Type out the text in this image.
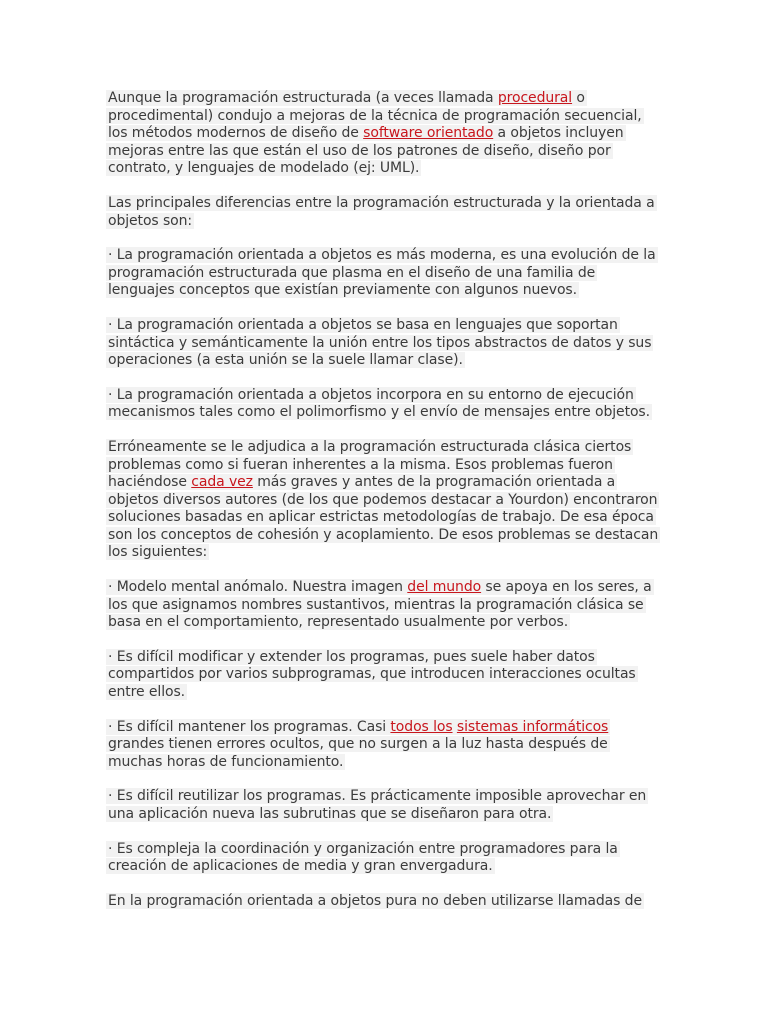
Aunque la programación estructurada (a veces llamada procedural o procedimental) condujo a mejoras de la técnica de programación secuencial, los métodos modernos de diseño de software orientado a objetos incluyen mejoras entre las que están el uso de los patrones de diseño, diseño por contrato, y lenguajes de modelado (ej: UML).

Las principales diferencias entre la programación estructurada y la orientada a objetos son:

· La programación orientada a objetos es más moderna, es una evolución de la programación estructurada que plasma en el diseño de una familia de lenguajes conceptos que existían previamente con algunos nuevos.

· La programación orientada a objetos se basa en lenguajes que soportan sintáctica y semánticamente la unión entre los tipos abstractos de datos y sus operaciones (a esta unión se la suele llamar clase).

· La programación orientada a objetos incorpora en su entorno de ejecución mecanismos tales como el polimorfismo y el envío de mensajes entre objetos.

Erróneamente se le adjudica a la programación estructurada clásica ciertos problemas como si fueran inherentes a la misma. Esos problemas fueron haciéndose cada vez más graves y antes de la programación orientada a objetos diversos autores (de los que podemos destacar a Yourdon) encontraron soluciones basadas en aplicar estrictas metodologías de trabajo. De esa época son los conceptos de cohesión y acoplamiento. De esos problemas se destacan los siguientes:

· Modelo mental anómalo. Nuestra imagen del mundo se apoya en los seres, a los que asignamos nombres sustantivos, mientras la programación clásica se basa en el comportamiento, representado usualmente por verbos.

· Es difícil modificar y extender los programas, pues suele haber datos compartidos por varios subprogramas, que introducen interacciones ocultas entre ellos.

· Es difícil mantener los programas. Casi todos los sistemas informáticos grandes tienen errores ocultos, que no surgen a la luz hasta después de muchas horas de funcionamiento.

· Es difícil reutilizar los programas. Es prácticamente imposible aprovechar en una aplicación nueva las subrutinas que se diseñaron para otra.

· Es compleja la coordinación y organización entre programadores para la creación de aplicaciones de media y gran envergadura.

En la programación orientada a objetos pura no deben utilizarse llamadas de
